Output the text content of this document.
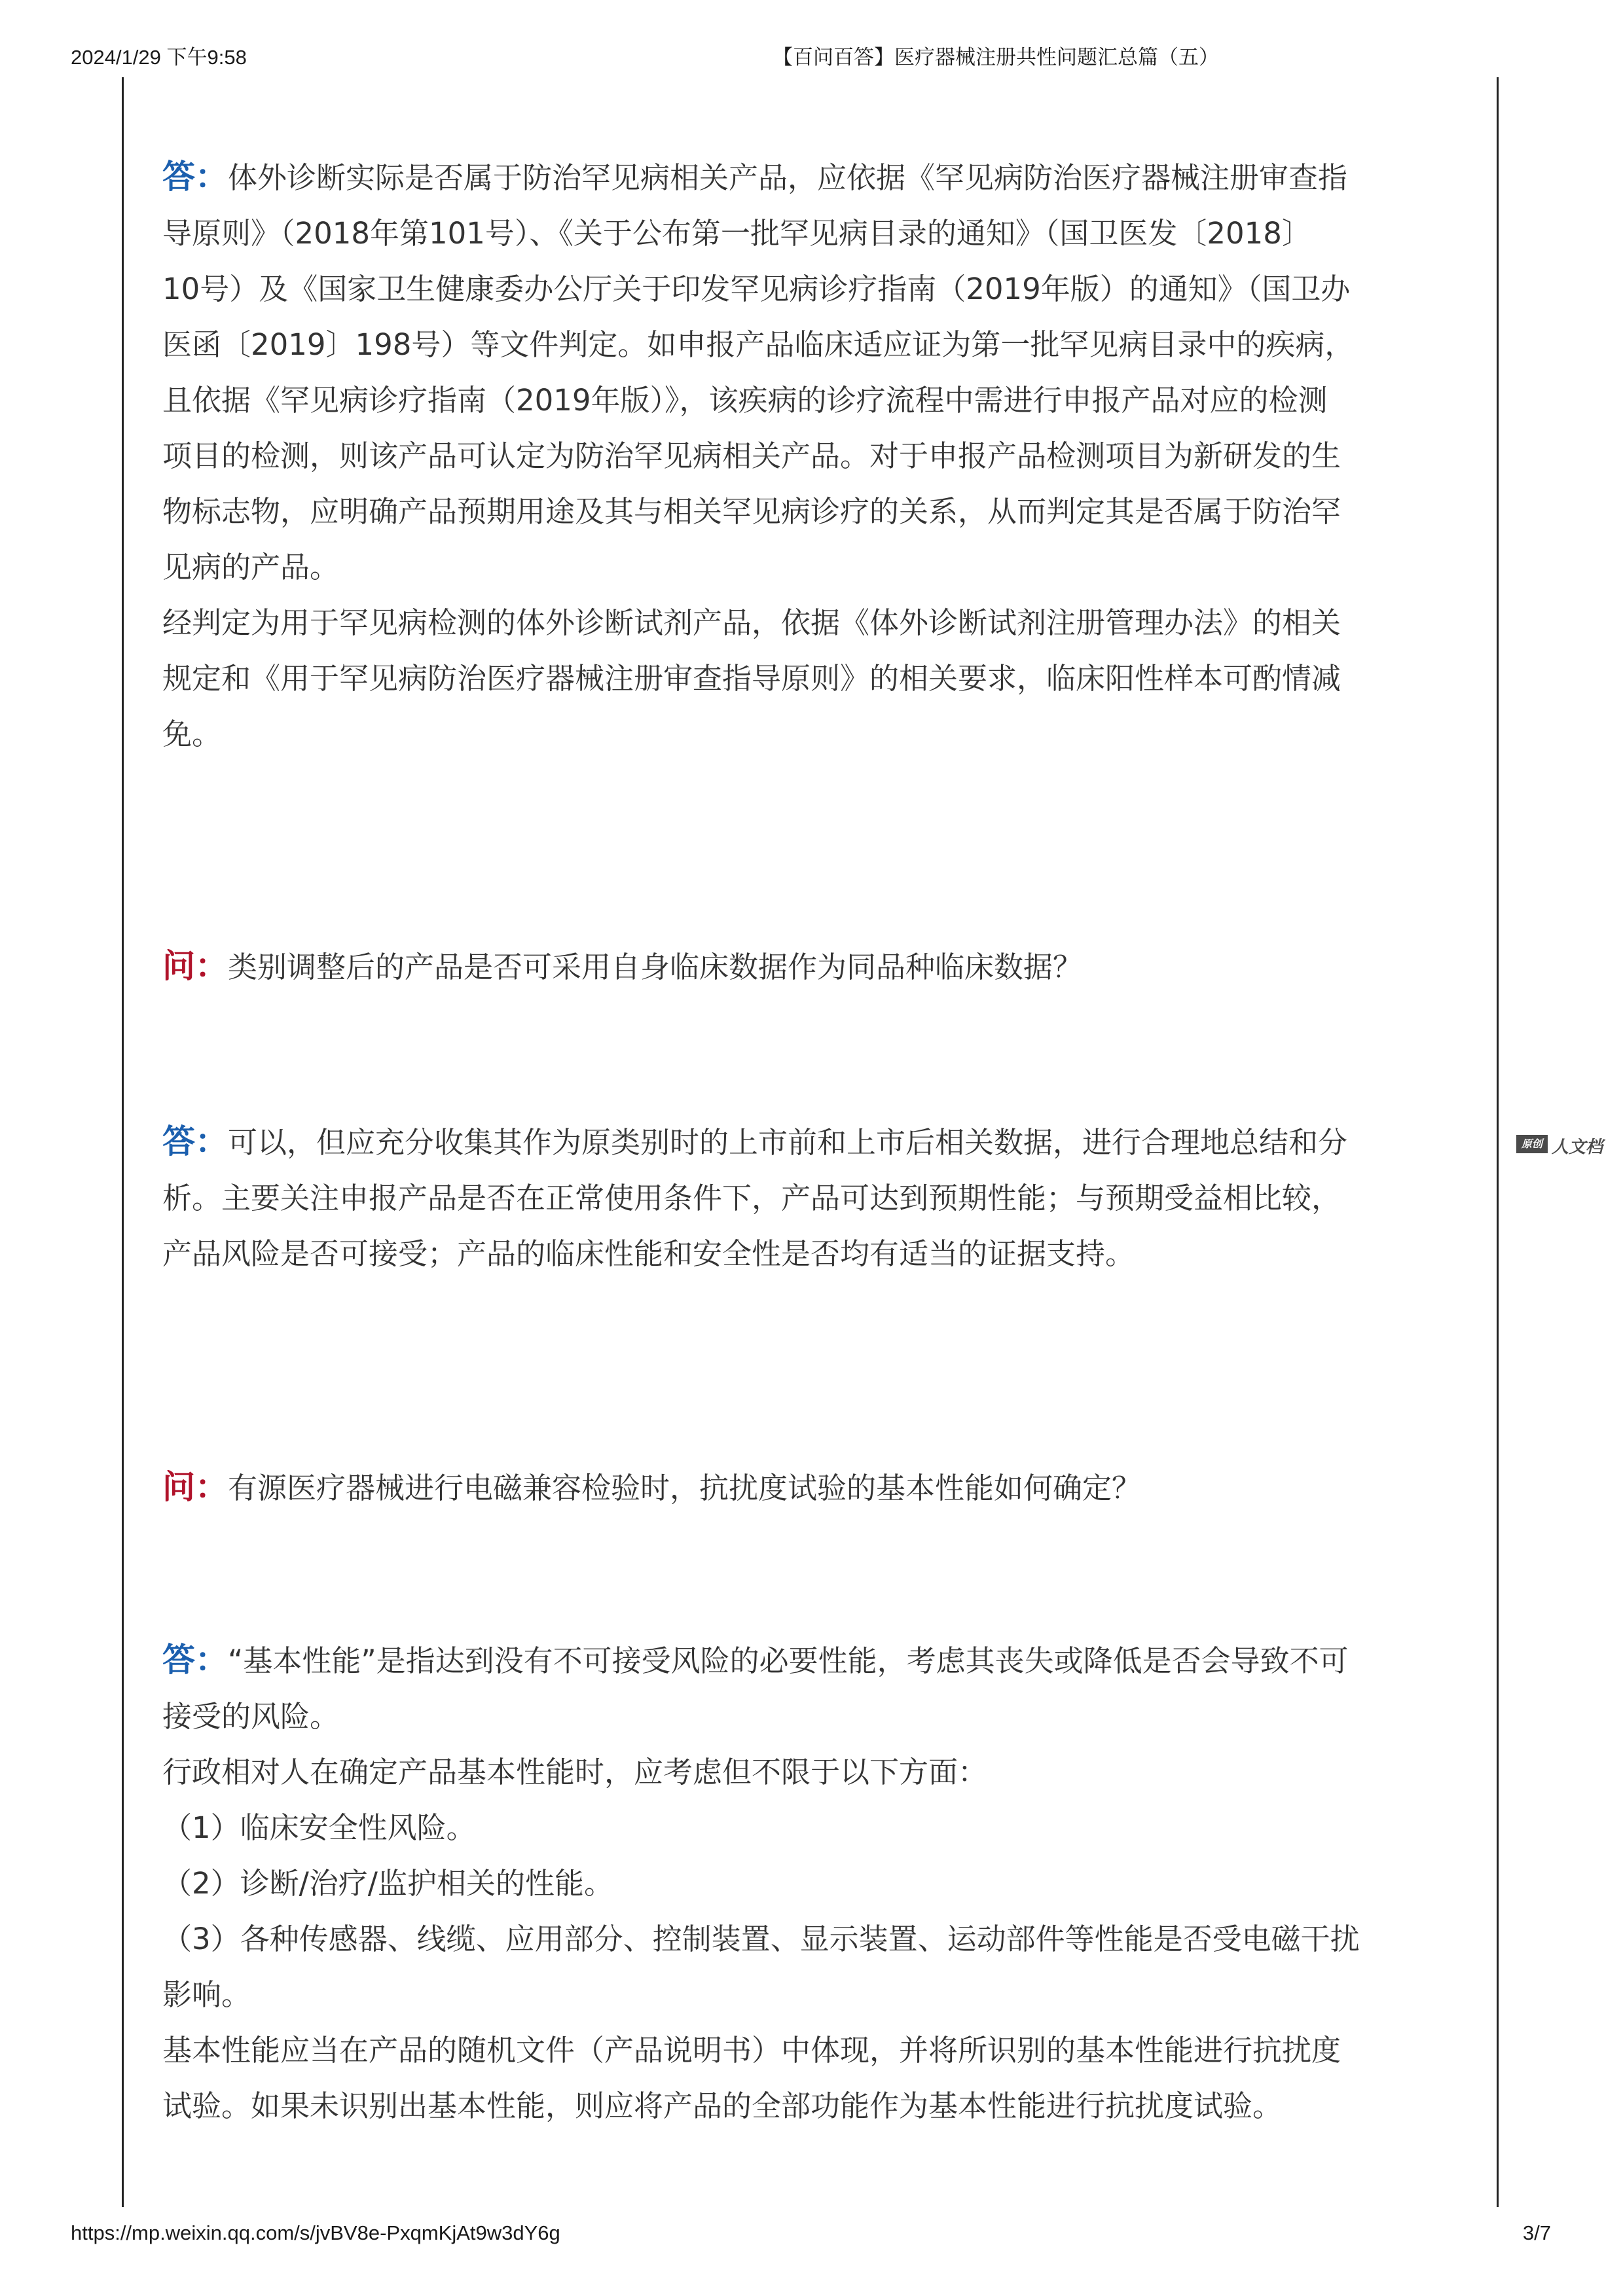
2024/1/29 下午9:58	【百问百答】医疗器械注册共性问题汇总篇（五）
答：体外诊断实际是否属于防治罕见病相关产品，应依据《罕见病防治医疗器械注册审查指
导原则》（2018年第101号）、《关于公布第一批罕见病目录的通知》（国卫医发〔2018〕
10号）及《国家卫生健康委办公厅关于印发罕见病诊疗指南（2019年版）的通知》（国卫办
医函〔2019〕198号）等文件判定。如申报产品临床适应证为第一批罕见病目录中的疾病，
且依据《罕见病诊疗指南（2019年版）》，该疾病的诊疗流程中需进行申报产品对应的检测
项目的检测，则该产品可认定为防治罕见病相关产品。对于申报产品检测项目为新研发的生
物标志物，应明确产品预期用途及其与相关罕见病诊疗的关系，从而判定其是否属于防治罕
见病的产品。
经判定为用于罕见病检测的体外诊断试剂产品，依据《体外诊断试剂注册管理办法》的相关
规定和《用于罕见病防治医疗器械注册审查指导原则》的相关要求，临床阳性样本可酌情减
免。
问：类别调整后的产品是否可采用自身临床数据作为同品种临床数据？
答：可以，但应充分收集其作为原类别时的上市前和上市后相关数据，进行合理地总结和分
析。主要关注申报产品是否在正常使用条件下，产品可达到预期性能；与预期受益相比较，
产品风险是否可接受；产品的临床性能和安全性是否均有适当的证据支持。
问：有源医疗器械进行电磁兼容检验时，抗扰度试验的基本性能如何确定？
答：“基本性能”是指达到没有不可接受风险的必要性能，考虑其丧失或降低是否会导致不可
接受的风险。
行政相对人在确定产品基本性能时，应考虑但不限于以下方面：
（1）临床安全性风险。
（2）诊断/治疗/监护相关的性能。
（3）各种传感器、线缆、应用部分、控制装置、显示装置、运动部件等性能是否受电磁干扰
影响。
基本性能应当在产品的随机文件（产品说明书）中体现，并将所识别的基本性能进行抗扰度
试验。如果未识别出基本性能，则应将产品的全部功能作为基本性能进行抗扰度试验。
原创 人文档
https://mp.weixin.qq.com/s/jvBV8e-PxqmKjAt9w3dY6g	3/7
